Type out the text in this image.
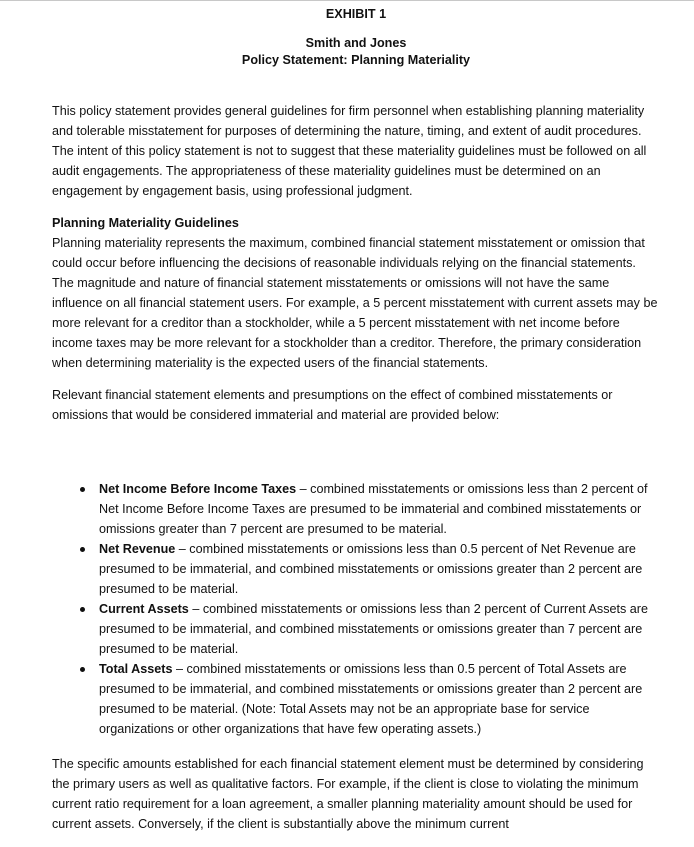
EXHIBIT 1
Smith and Jones
Policy Statement: Planning Materiality

This policy statement provides general guidelines for firm personnel when establishing planning materiality and tolerable misstatement for purposes of determining the nature, timing, and extent of audit procedures. The intent of this policy statement is not to suggest that these materiality guidelines must be followed on all audit engagements. The appropriateness of these materiality guidelines must be determined on an engagement by engagement basis, using professional judgment.

Planning Materiality Guidelines
Planning materiality represents the maximum, combined financial statement misstatement or omission that could occur before influencing the decisions of reasonable individuals relying on the financial statements. The magnitude and nature of financial statement misstatements or omissions will not have the same influence on all financial statement users. For example, a 5 percent misstatement with current assets may be more relevant for a creditor than a stockholder, while a 5 percent misstatement with net income before income taxes may be more relevant for a stockholder than a creditor. Therefore, the primary consideration when determining materiality is the expected users of the financial statements.

Relevant financial statement elements and presumptions on the effect of combined misstatements or omissions that would be considered immaterial and material are provided below:

Net Income Before Income Taxes – combined misstatements or omissions less than 2 percent of Net Income Before Income Taxes are presumed to be immaterial and combined misstatements or omissions greater than 7 percent are presumed to be material.
Net Revenue – combined misstatements or omissions less than 0.5 percent of Net Revenue are presumed to be immaterial, and combined misstatements or omissions greater than 2 percent are presumed to be material.
Current Assets – combined misstatements or omissions less than 2 percent of Current Assets are presumed to be immaterial, and combined misstatements or omissions greater than 7 percent are presumed to be material.
Total Assets – combined misstatements or omissions less than 0.5 percent of Total Assets are presumed to be immaterial, and combined misstatements or omissions greater than 2 percent are presumed to be material. (Note: Total Assets may not be an appropriate base for service organizations or other organizations that have few operating assets.)

The specific amounts established for each financial statement element must be determined by considering the primary users as well as qualitative factors. For example, if the client is close to violating the minimum current ratio requirement for a loan agreement, a smaller planning materiality amount should be used for current assets. Conversely, if the client is substantially above the minimum current
